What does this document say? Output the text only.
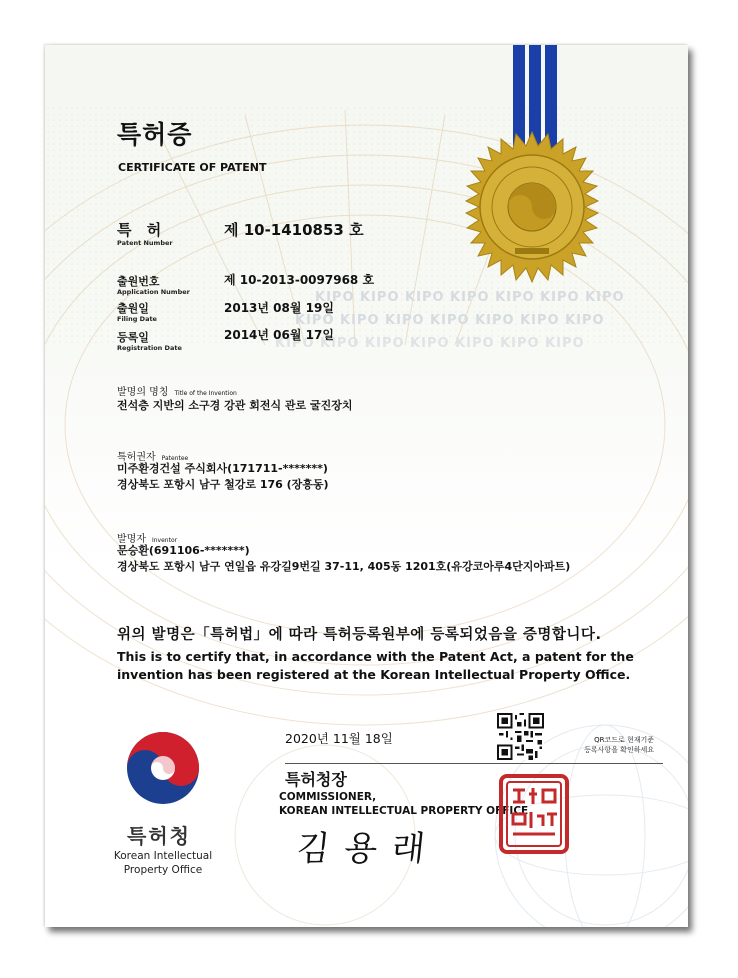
KIPO KIPO KIPO KIPO KIPO KIPO KIPO
KIPO KIPO KIPO KIPO KIPO KIPO KIPO
KIPO KIPO KIPO KIPO KIPO KIPO KIPO
특허증
CERTIFICATE OF PATENT
특 허
Patent Number
제 10-1410853 호
출원번호
Application Number
제 10-2013-0097968 호
출원일
Filing Date
2013년 08월 19일
등록일
Registration Date
2014년 06월 17일
발명의 명칭 Title of the Invention
전석층 지반의 소구경 강관 회전식 관로 굴진장치
특허권자 Patentee
미주환경건설 주식회사(171711-*******)
경상북도 포항시 남구 철강로 176 (장흥동)
발명자 Inventor
문승환(691106-*******)
경상북도 포항시 남구 연일읍 유강길9번길 37-11, 405동 1201호(유강코아루4단지아파트)
위의 발명은「특허법」에 따라 특허등록원부에 등록되었음을 증명합니다.
This is to certify that, in accordance with the Patent Act, a patent for the
invention has been registered at the Korean Intellectual Property Office.
2020년 11월 18일	QR코드로 현재기준
등록사항을 확인하세요
특허청장
COMMISSIONER,
KOREAN INTELLECTUAL PROPERTY OFFICE
김 용 래
특허청
Korean Intellectual
Property Office
